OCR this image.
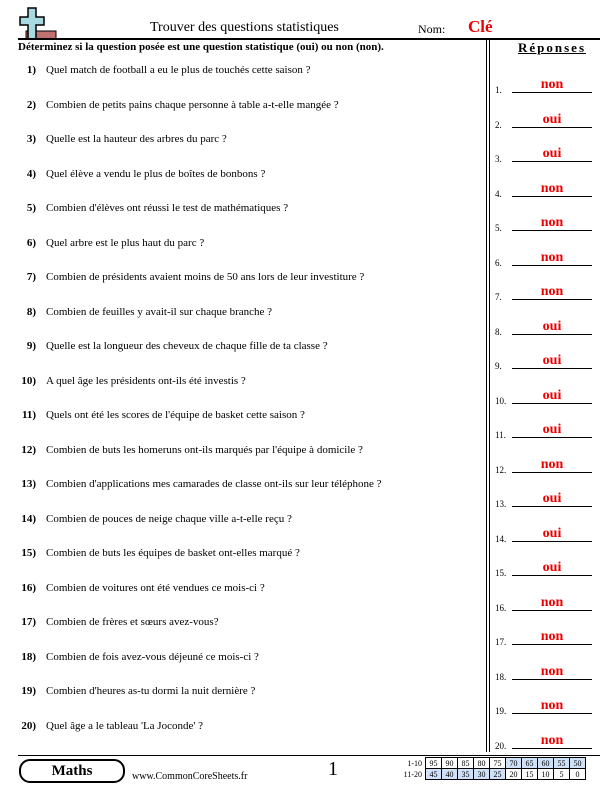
Trouver des questions statistiques	Nom: Clé
Déterminez si la question posée est une question statistique (oui) ou non (non).	Réponses
1) Quel match de football a eu le plus de touchés cette saison ?
2) Combien de petits pains chaque personne à table a-t-elle mangée ?
3) Quelle est la hauteur des arbres du parc ?
4) Quel élève a vendu le plus de boîtes de bonbons ?
5) Combien d'élèves ont réussi le test de mathématiques ?
6) Quel arbre est le plus haut du parc ?
7) Combien de présidents avaient moins de 50 ans lors de leur investiture ?
8) Combien de feuilles y avait-il sur chaque branche ?
9) Quelle est la longueur des cheveux de chaque fille de ta classe ?
10) A quel âge les présidents ont-ils été investis ?
11) Quels ont été les scores de l'équipe de basket cette saison ?
12) Combien de buts les homeruns ont-ils marqués par l'équipe à domicile ?
13) Combien d'applications mes camarades de classe ont-ils sur leur téléphone ?
14) Combien de pouces de neige chaque ville a-t-elle reçu ?
15) Combien de buts les équipes de basket ont-elles marqué ?
16) Combien de voitures ont été vendues ce mois-ci ?
17) Combien de frères et sœurs avez-vous?
18) Combien de fois avez-vous déjeuné ce mois-ci ?
19) Combien d'heures as-tu dormi la nuit dernière ?
20) Quel âge a le tableau 'La Joconde' ?
1.	non
2.	oui
3.	oui
4.	non
5.	non
6.	non
7.	non
8.	oui
9.	oui
10.	oui
11.	oui
12.	non
13.	oui
14.	oui
15.	oui
16.	non
17.	non
18.	non
19.	non
20.	non
Maths	www.CommonCoreSheets.fr	1	1-10	95	90	85	80	75	70	65	60	55	50
11-20	45	40	35	30	25	20	15	10	5	0
